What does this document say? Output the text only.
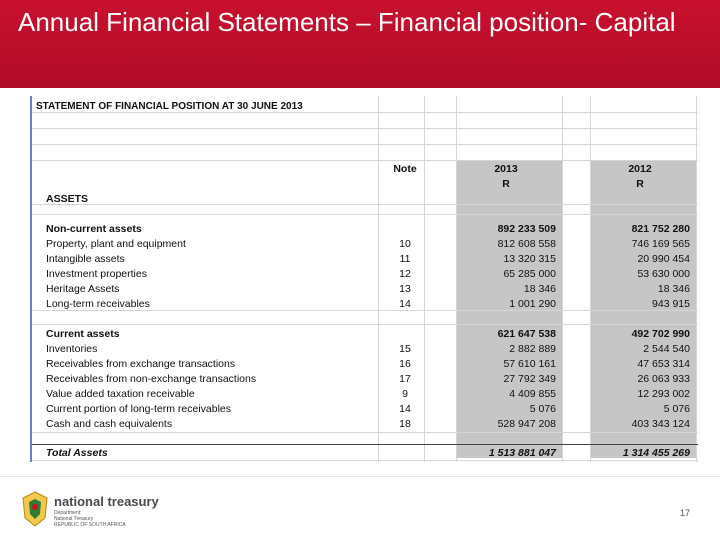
Annual Financial Statements – Financial position- Capital
STATEMENT OF FINANCIAL POSITION AT 30 JUNE 2013
Note	2013	2012
R	R
ASSETS
Non-current assets	892 233 509	821 752 280
Property, plant and equipment	10	812 608 558	746 169 565
Intangible assets	11	13 320 315	20 990 454
Investment properties	12	65 285 000	53 630 000
Heritage Assets	13	18 346	18 346
Long-term receivables	14	1 001 290	943 915
Current assets	621 647 538	492 702 990
Inventories	15	2 882 889	2 544 540
Receivables from exchange transactions	16	57 610 161	47 653 314
Receivables from non-exchange transactions	17	27 792 349	26 063 933
Value added taxation receivable	9	4 409 855	12 293 002
Current portion of long-term receivables	14	5 076	5 076
Cash and cash equivalents	18	528 947 208	403 343 124
Total Assets	1 513 881 047	1 314 455 269
national treasury
Department:
National Treasury
REPUBLIC OF SOUTH AFRICA
17
